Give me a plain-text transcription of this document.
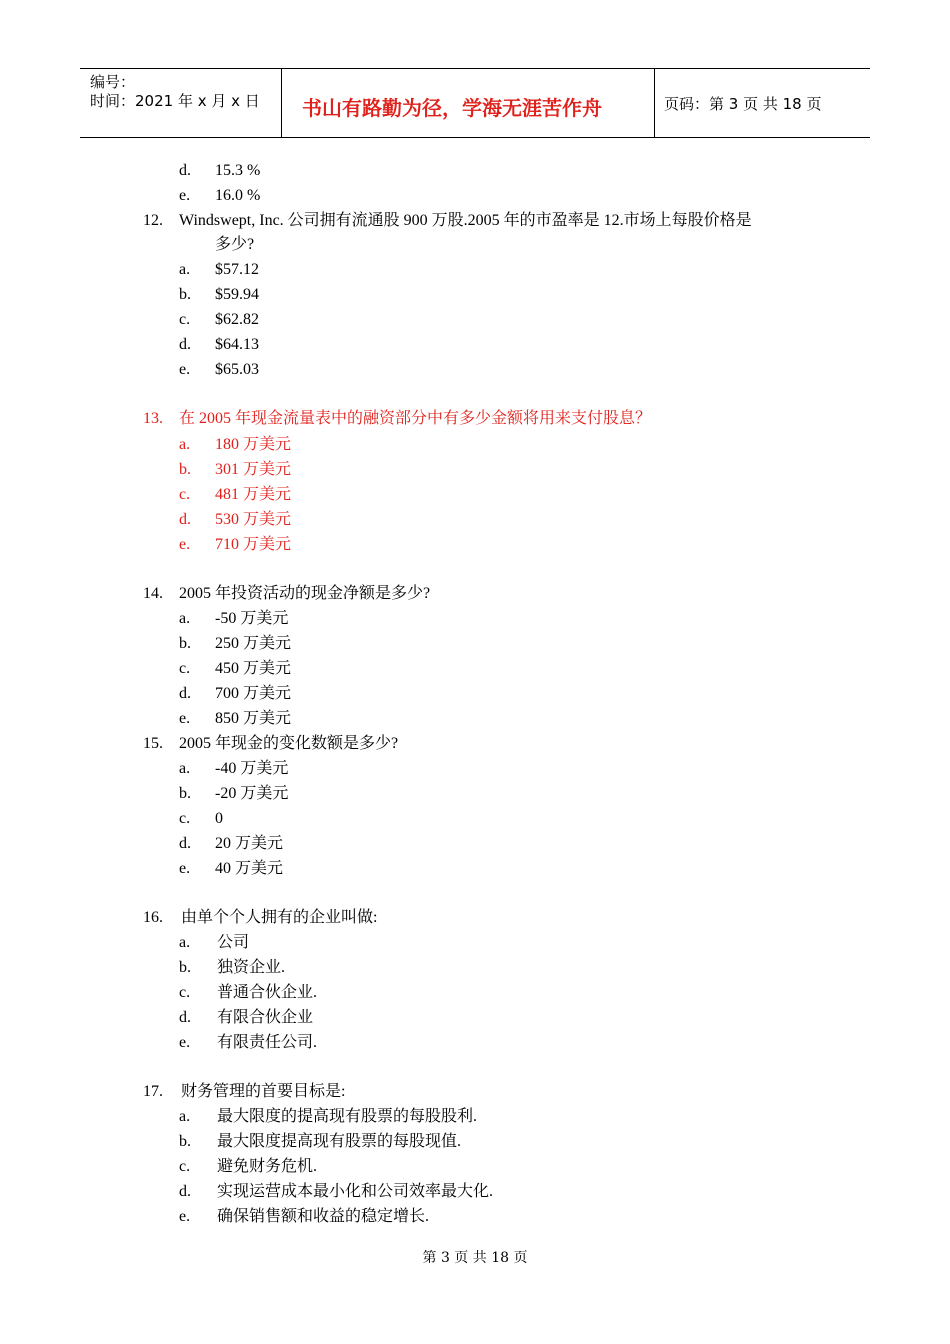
编号：
时间：2021 年 x 月 x 日 书山有路勤为径，学海无涯苦作舟	页码：第 3 页 共 18 页
d. 15.3 %
e. 16.0 %
12. Windswept, Inc. 公司拥有流通股 900 万股.2005 年的市盈率是 12.市场上每股价格是
多少?
a. $57.12
b. $59.94
c. $62.82
d. $64.13
e. $65.03
13. 在 2005 年现金流量表中的融资部分中有多少金额将用来支付股息？
a. 180 万美元
b. 301 万美元
c. 481 万美元
d. 530 万美元
e. 710 万美元
14. 2005 年投资活动的现金净额是多少?
a. -50 万美元
b. 250 万美元
c. 450 万美元
d. 700 万美元
e. 850 万美元
15. 2005 年现金的变化数额是多少?
a. -40 万美元
b. -20 万美元
c. 0
d. 20 万美元
e. 40 万美元
16. 由单个个人拥有的企业叫做:
a. 公司
b. 独资企业.
c. 普通合伙企业.
d. 有限合伙企业
e. 有限责任公司.
17. 财务管理的首要目标是:
a. 最大限度的提高现有股票的每股股利.
b. 最大限度提高现有股票的每股现值.
c. 避免财务危机.
d. 实现运营成本最小化和公司效率最大化.
e. 确保销售额和收益的稳定增长.
第 3 页 共 18 页
